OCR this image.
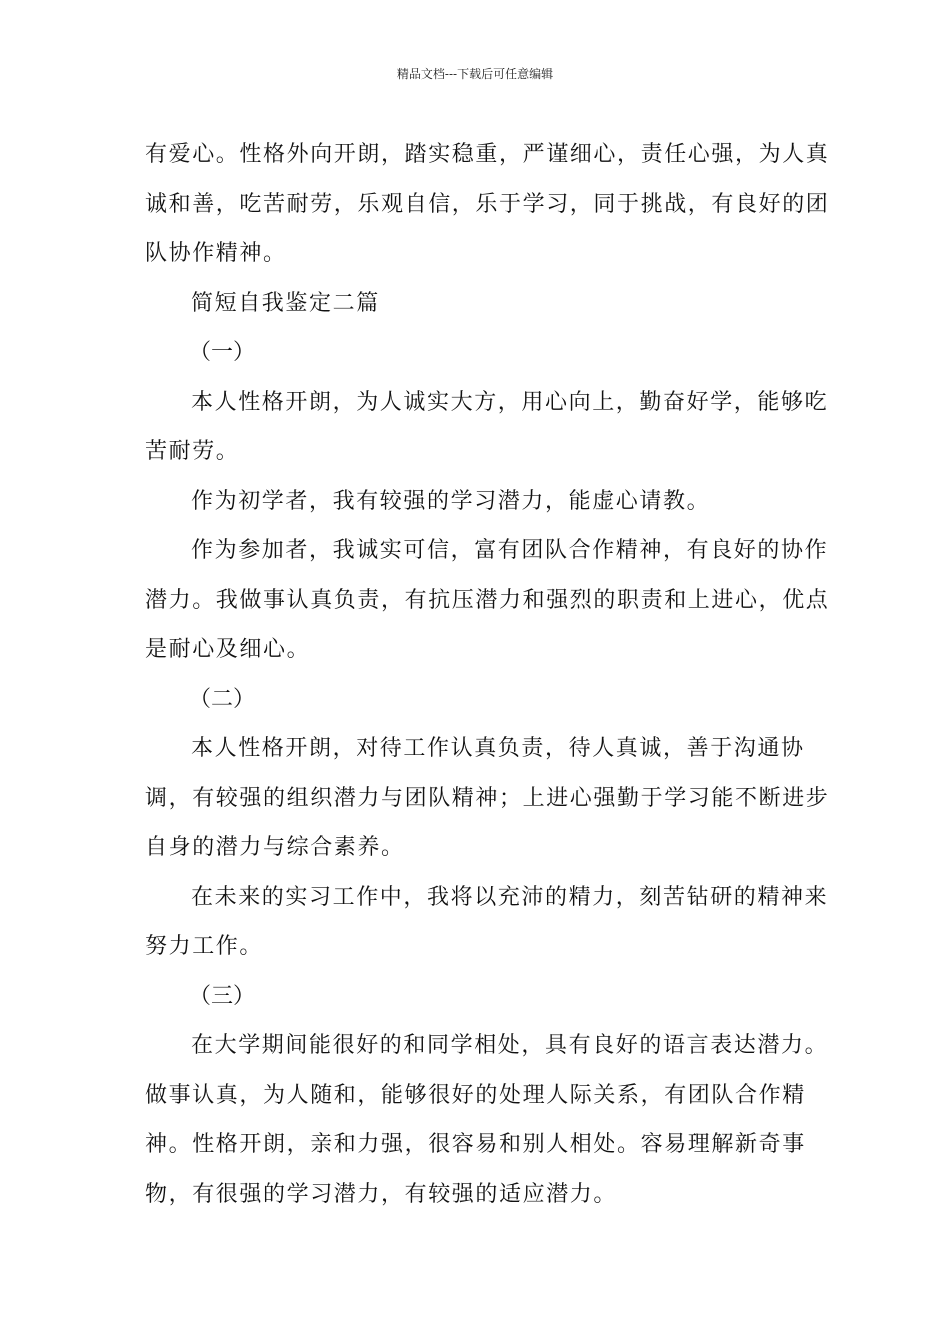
精品文档---下载后可任意编辑

有爱心。性格外向开朗，踏实稳重，严谨细心，责任心强，为人真诚和善，吃苦耐劳，乐观自信，乐于学习，同于挑战，有良好的团队协作精神。

简短自我鉴定二篇

（一）

本人性格开朗，为人诚实大方，用心向上，勤奋好学，能够吃苦耐劳。

作为初学者，我有较强的学习潜力，能虚心请教。

作为参加者，我诚实可信，富有团队合作精神，有良好的协作潜力。我做事认真负责，有抗压潜力和强烈的职责和上进心，优点是耐心及细心。

（二）

本人性格开朗，对待工作认真负责，待人真诚，善于沟通协调，有较强的组织潜力与团队精神；上进心强勤于学习能不断进步自身的潜力与综合素养。

在未来的实习工作中，我将以充沛的精力，刻苦钻研的精神来努力工作。

（三）

在大学期间能很好的和同学相处，具有良好的语言表达潜力。做事认真，为人随和，能够很好的处理人际关系，有团队合作精神。性格开朗，亲和力强，很容易和别人相处。容易理解新奇事物，有很强的学习潜力，有较强的适应潜力。
